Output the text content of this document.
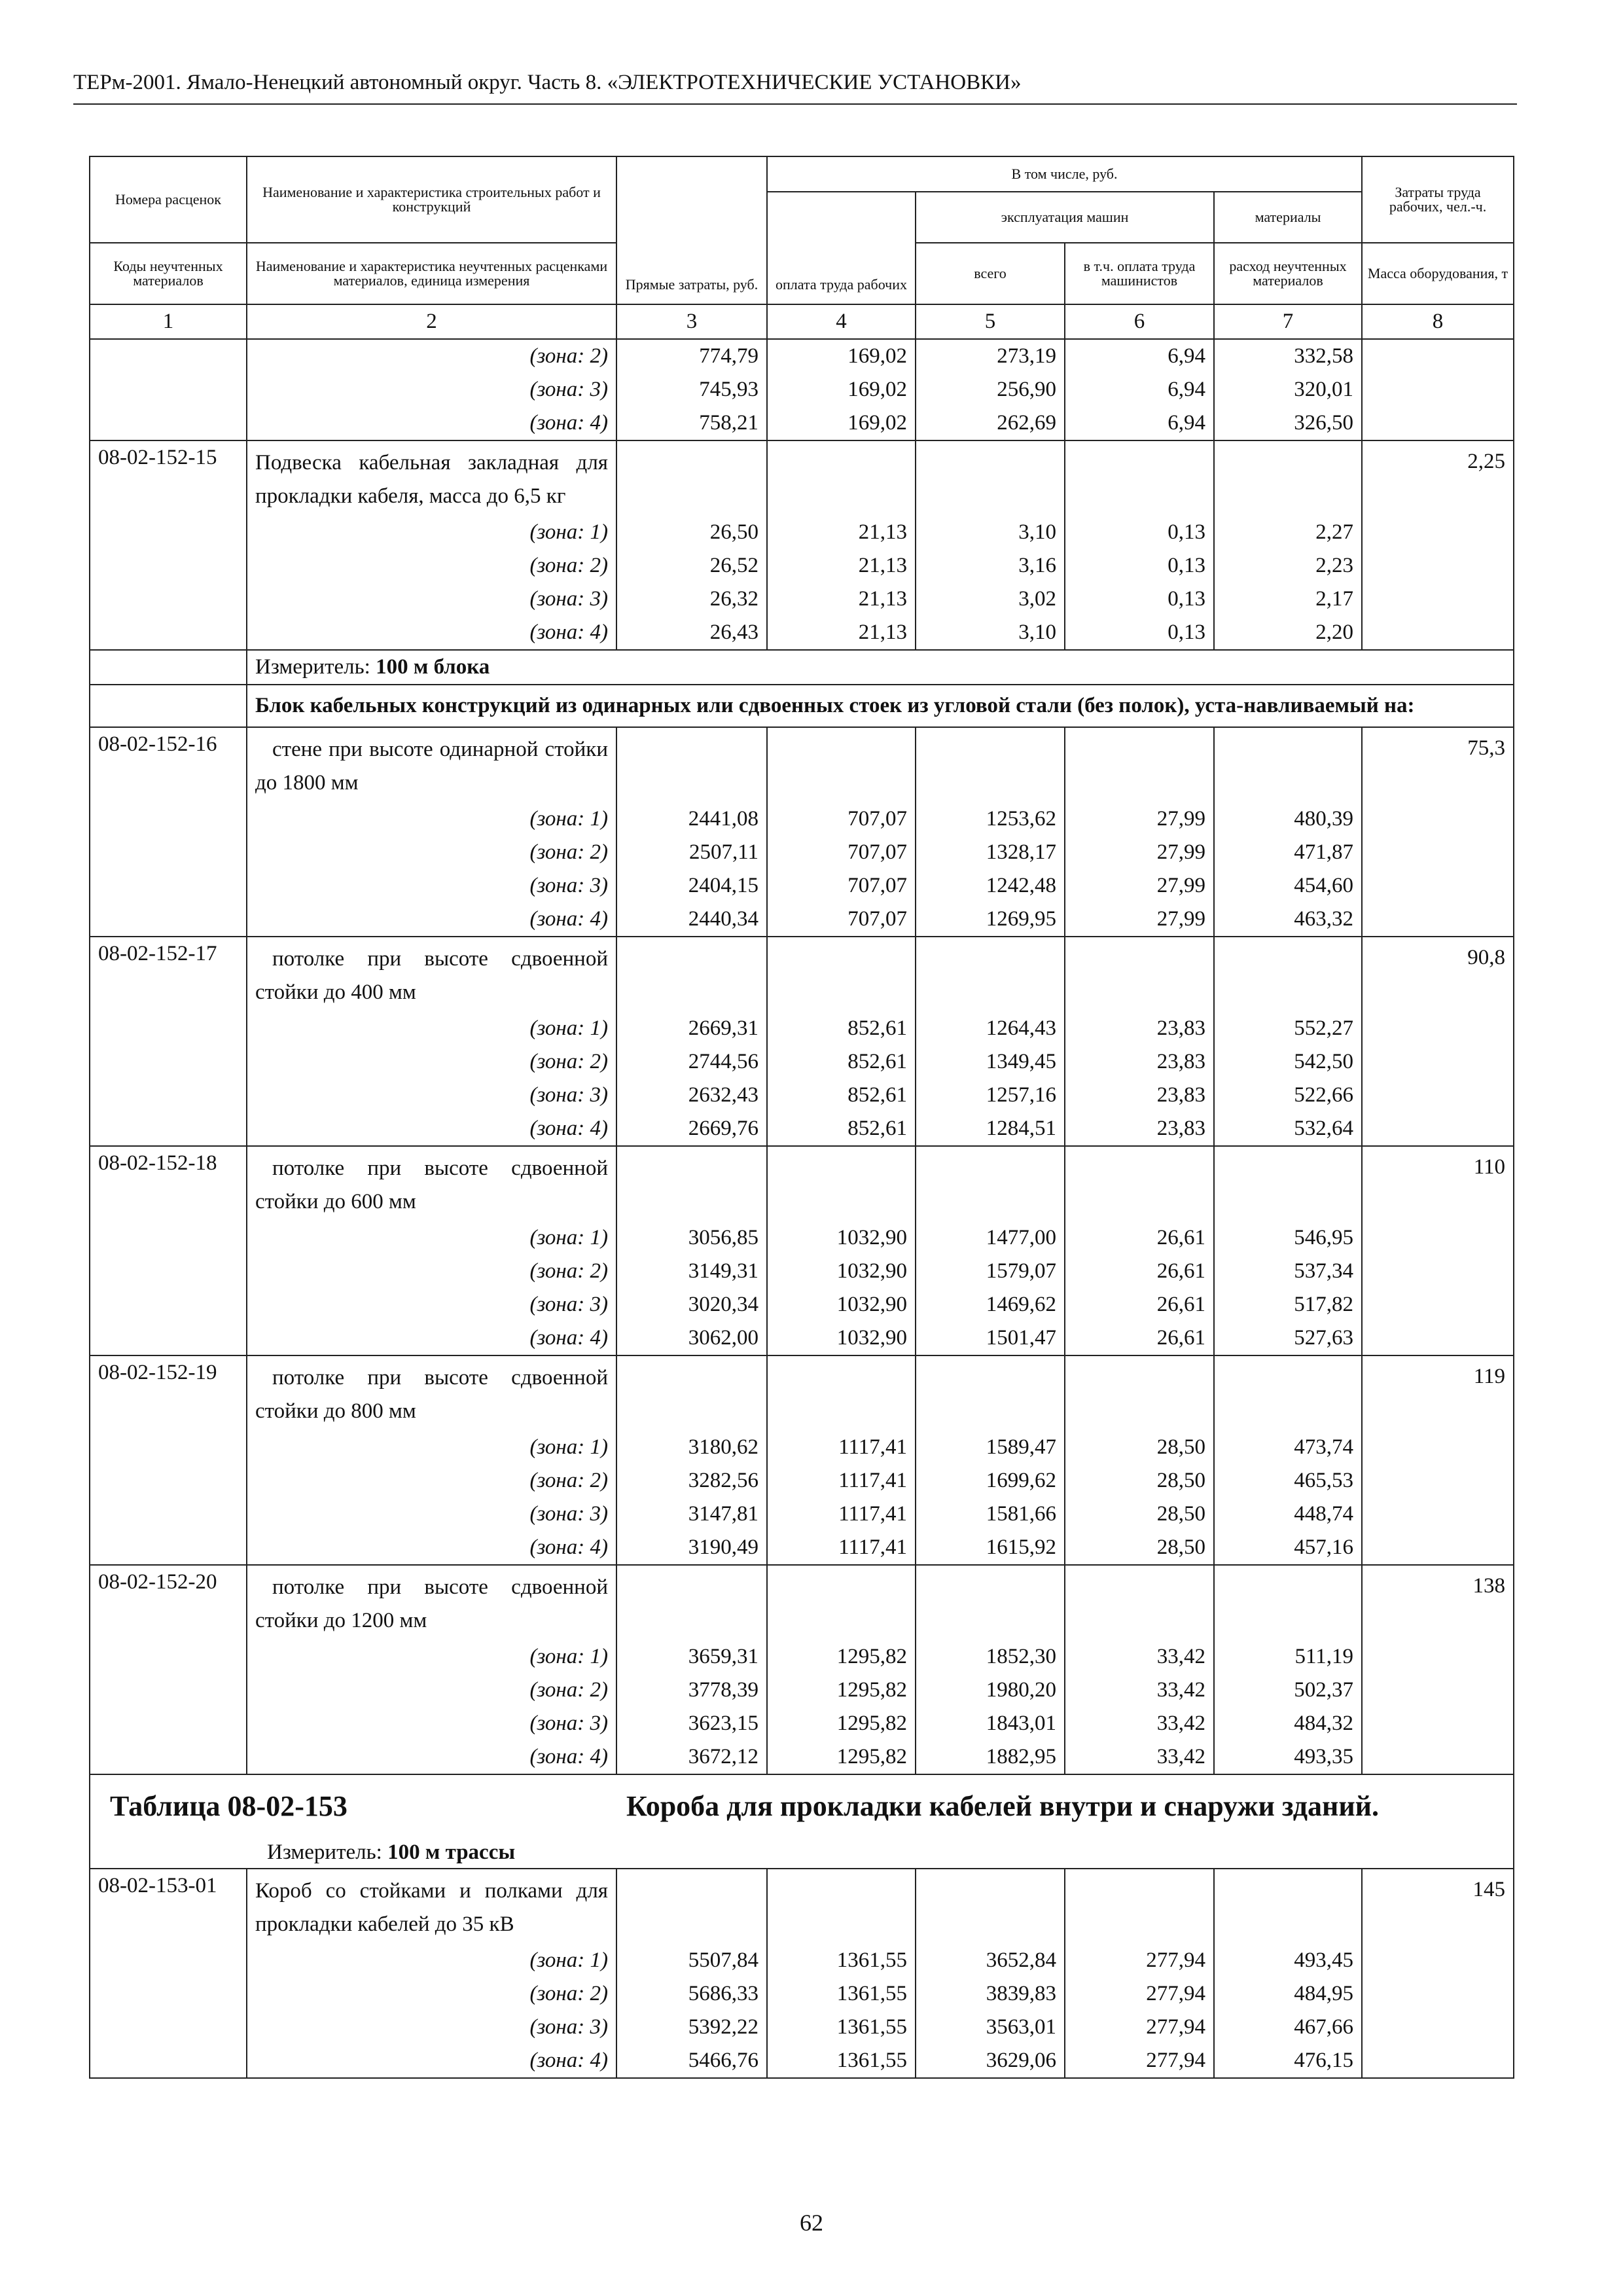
ТЕРм-2001. Ямало-Ненецкий автономный округ. Часть 8. «ЭЛЕКТРОТЕХНИЧЕСКИЕ УСТАНОВКИ»
Номера расценок	Наименование и характеристика строительных работ и конструкций	Прямые затраты, руб.	В том числе, руб.				Затраты труда рабочих, чел.-ч.
			оплата труда рабочих	эксплуатация машин		материалы	
Коды неучтенных материалов	Наименование и характеристика неучтенных расценками материалов, единица измерения			всего	в т.ч. оплата труда машинистов	расход неучтенных материалов	Масса оборудования, т
1	2	3	4	5	6	7	8
	(зона: 2)	774,79	169,02	273,19	6,94	332,58	
	(зона: 3)	745,93	169,02	256,90	6,94	320,01	
	(зона: 4)	758,21	169,02	262,69	6,94	326,50	
08-02-152-15	Подвеска кабельная закладная для прокладки кабеля, масса до 6,5 кг						2,25
	(зона: 1)	26,50	21,13	3,10	0,13	2,27	
	(зона: 2)	26,52	21,13	3,16	0,13	2,23	
	(зона: 3)	26,32	21,13	3,02	0,13	2,17	
	(зона: 4)	26,43	21,13	3,10	0,13	2,20	
	Измеритель: 100 м блока						
	Блок кабельных конструкций из одинарных или сдвоенных стоек из угловой стали (без полок), уста-навливаемый на:						
08-02-152-16	стене при высоте одинарной стойки до 1800 мм						75,3
	(зона: 1)	2441,08	707,07	1253,62	27,99	480,39	
	(зона: 2)	2507,11	707,07	1328,17	27,99	471,87	
	(зона: 3)	2404,15	707,07	1242,48	27,99	454,60	
	(зона: 4)	2440,34	707,07	1269,95	27,99	463,32	
08-02-152-17	потолке при высоте сдвоенной стойки до 400 мм						90,8
	(зона: 1)	2669,31	852,61	1264,43	23,83	552,27	
	(зона: 2)	2744,56	852,61	1349,45	23,83	542,50	
	(зона: 3)	2632,43	852,61	1257,16	23,83	522,66	
	(зона: 4)	2669,76	852,61	1284,51	23,83	532,64	
08-02-152-18	потолке при высоте сдвоенной стойки до 600 мм						110
	(зона: 1)	3056,85	1032,90	1477,00	26,61	546,95	
	(зона: 2)	3149,31	1032,90	1579,07	26,61	537,34	
	(зона: 3)	3020,34	1032,90	1469,62	26,61	517,82	
	(зона: 4)	3062,00	1032,90	1501,47	26,61	527,63	
08-02-152-19	потолке при высоте сдвоенной стойки до 800 мм						119
	(зона: 1)	3180,62	1117,41	1589,47	28,50	473,74	
	(зона: 2)	3282,56	1117,41	1699,62	28,50	465,53	
	(зона: 3)	3147,81	1117,41	1581,66	28,50	448,74	
	(зона: 4)	3190,49	1117,41	1615,92	28,50	457,16	
08-02-152-20	потолке при высоте сдвоенной стойки до 1200 мм						138
	(зона: 1)	3659,31	1295,82	1852,30	33,42	511,19	
	(зона: 2)	3778,39	1295,82	1980,20	33,42	502,37	
	(зона: 3)	3623,15	1295,82	1843,01	33,42	484,32	
	(зона: 4)	3672,12	1295,82	1882,95	33,42	493,35	

Таблица 08-02-153
Измеритель: 100 м трассы
Короба для прокладки кабелей внутри и снаружи зданий.							

08-02-153-01	Короб со стойками и полками для прокладки кабелей до 35 кВ						145
	(зона: 1)	5507,84	1361,55	3652,84	277,94	493,45	
	(зона: 2)	5686,33	1361,55	3839,83	277,94	484,95	
	(зона: 3)	5392,22	1361,55	3563,01	277,94	467,66	
	(зона: 4)	5466,76	1361,55	3629,06	277,94	476,15	
62
